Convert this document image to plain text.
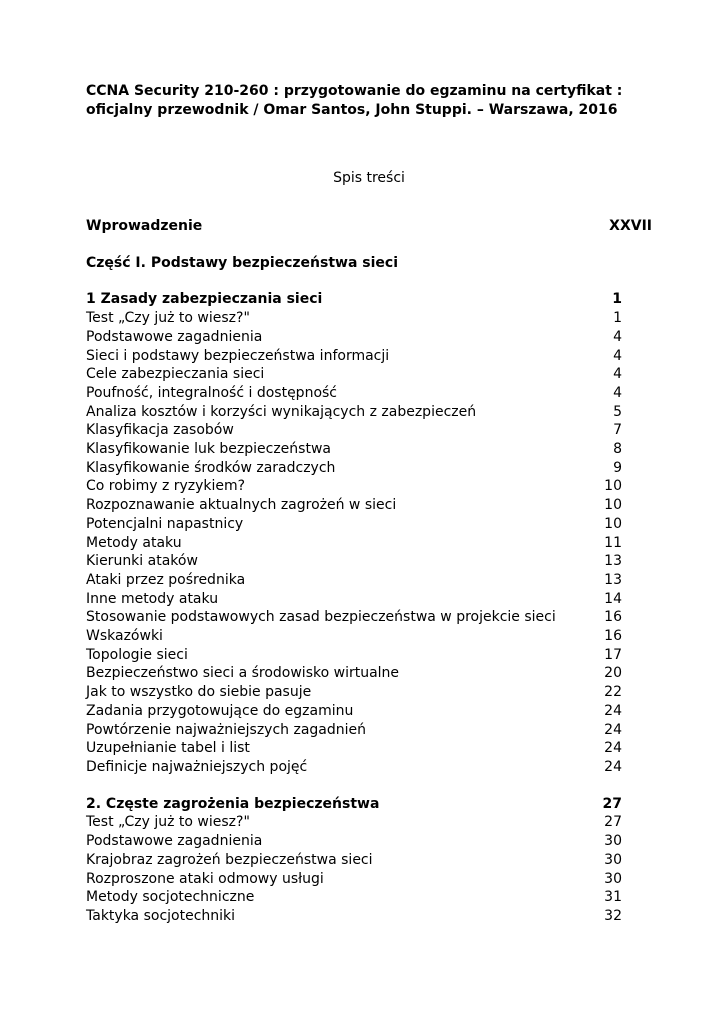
CCNA Security 210-260 : przygotowanie do egzaminu na certyfikat :

oficjalny przewodnik / Omar Santos, John Stuppi. – Warszawa, 2016

Spis treści
Wprowadzenie	XXVII
Część I. Podstawy bezpieczeństwa sieci
1 Zasady zabezpieczania sieci	1
Test „Czy już to wiesz?"	1
Podstawowe zagadnienia	4
Sieci i podstawy bezpieczeństwa informacji	4
Cele zabezpieczania sieci	4
Poufność, integralność i dostępność	4
Analiza kosztów i korzyści wynikających z zabezpieczeń	5
Klasyfikacja zasobów	7
Klasyfikowanie luk bezpieczeństwa	8
Klasyfikowanie środków zaradczych	9
Co robimy z ryzykiem?	10
Rozpoznawanie aktualnych zagrożeń w sieci	10
Potencjalni napastnicy	10
Metody ataku	11
Kierunki ataków	13
Ataki przez pośrednika	13
Inne metody ataku	14
Stosowanie podstawowych zasad bezpieczeństwa w projekcie sieci	16
Wskazówki	16
Topologie sieci	17
Bezpieczeństwo sieci a środowisko wirtualne	20
Jak to wszystko do siebie pasuje	22
Zadania przygotowujące do egzaminu	24
Powtórzenie najważniejszych zagadnień	24
Uzupełnianie tabel i list	24
Definicje najważniejszych pojęć	24
2. Częste zagrożenia bezpieczeństwa	27
Test „Czy już to wiesz?"	27
Podstawowe zagadnienia	30
Krajobraz zagrożeń bezpieczeństwa sieci	30
Rozproszone ataki odmowy usługi	30
Metody socjotechniczne	31
Taktyka socjotechniki	32
